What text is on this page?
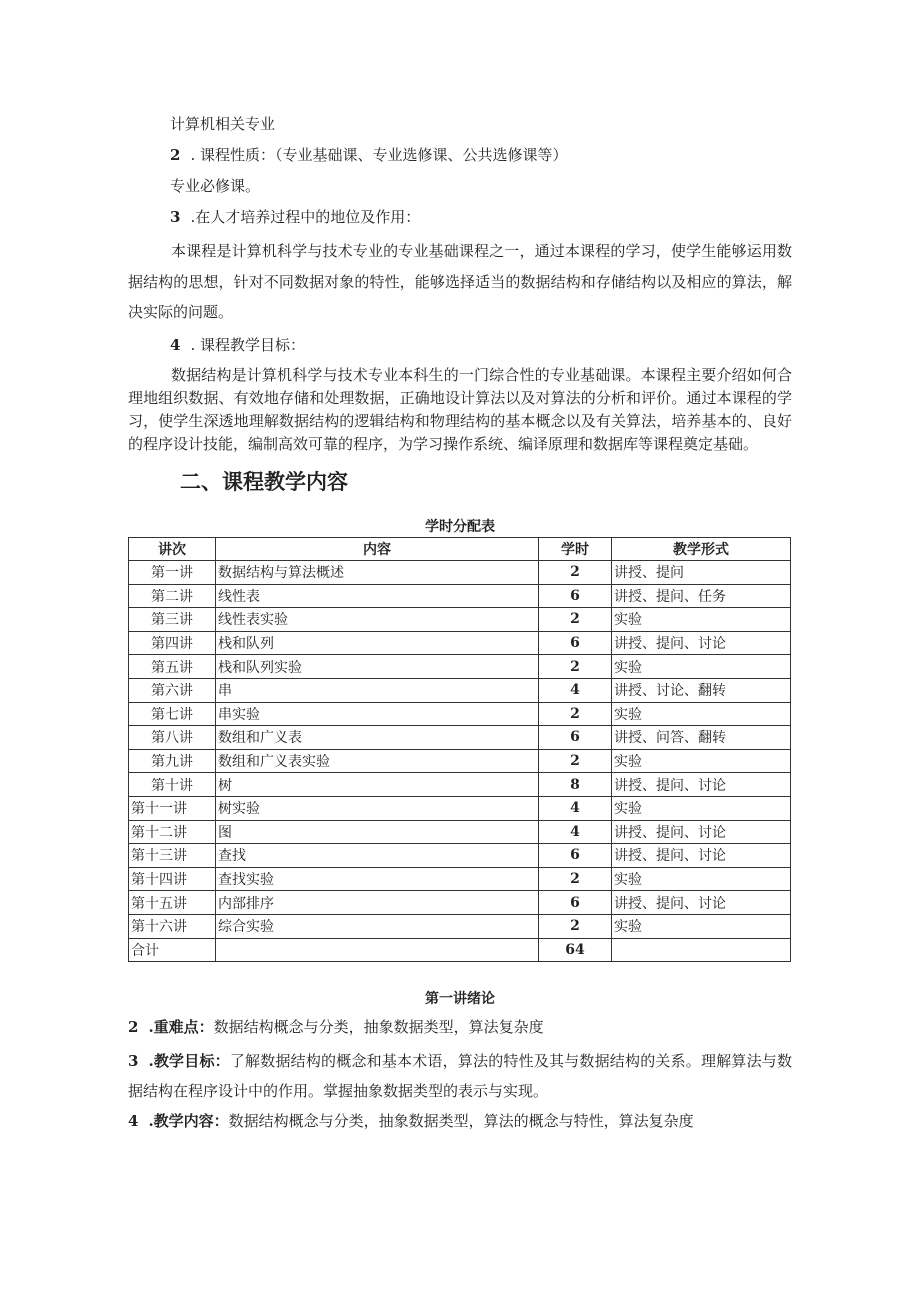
计算机相关专业
2 . 课程性质：（专业基础课、专业选修课、公共选修课等）
专业必修课。
3 .在人才培养过程中的地位及作用：

本课程是计算机科学与技术专业的专业基础课程之一，通过本课程的学习，使学生能够运用数据结构的思想，针对不同数据对象的特性，能够选择适当的数据结构和存储结构以及相应的算法，解决实际的问题。

4 . 课程教学目标：

数据结构是计算机科学与技术专业本科生的一门综合性的专业基础课。本课程主要介绍如何合理地组织数据、有效地存储和处理数据，正确地设计算法以及对算法的分析和评价。通过本课程的学习，使学生深透地理解数据结构的逻辑结构和物理结构的基本概念以及有关算法，培养基本的、良好的程序设计技能，编制高效可靠的程序，为学习操作系统、编译原理和数据库等课程奠定基础。

二、课程教学内容
学时分配表
讲次	内容	学时	教学形式
第一讲	数据结构与算法概述	2	讲授、提问
第二讲	线性表	6	讲授、提问、任务
第三讲	线性表实验	2	实验
第四讲	栈和队列	6	讲授、提问、讨论
第五讲	栈和队列实验	2	实验
第六讲	串	4	讲授、讨论、翻转
第七讲	串实验	2	实验
第八讲	数组和广义表	6	讲授、问答、翻转
第九讲	数组和广义表实验	2	实验
第十讲	树	8	讲授、提问、讨论
第十一讲	树实验	4	实验
第十二讲	图	4	讲授、提问、讨论
第十三讲	查找	6	讲授、提问、讨论
第十四讲	查找实验	2	实验
第十五讲	内部排序	6	讲授、提问、讨论
第十六讲	综合实验	2	实验
合计		64	
第一讲绪论
2 .重难点：数据结构概念与分类，抽象数据类型，算法复杂度
3 .教学目标：了解数据结构的概念和基本术语，算法的特性及其与数据结构的关系。理解算法与数据结构在程序设计中的作用。掌握抽象数据类型的表示与实现。
4 .教学内容：数据结构概念与分类，抽象数据类型，算法的概念与特性，算法复杂度
